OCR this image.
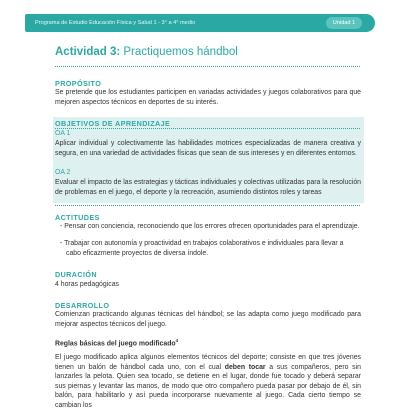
Programa de Estudio Educación Física y Salud 1 - 3° a 4° medio	Unidad 1
Actividad 3: Practiquemos hándbol
PROPÓSITO
Se pretende que los estudiantes participen en variadas actividades y juegos colaborativos para que mejoren aspectos técnicos en deportes de su interés.
OBJETIVOS DE APRENDIZAJE
OA 1
Aplicar individual y colectivamente las habilidades motrices especializadas de manera creativa y segura, en una variedad de actividades físicas que sean de sus intereses y en diferentes entornos.
OA 2
Evaluar el impacto de las estrategias y tácticas individuales y colectivas utilizadas para la resolución de problemas en el juego, el deporte y la recreación, asumiendo distintos roles y tareas
ACTITUDES
- Pensar con conciencia, reconociendo que los errores ofrecen oportunidades para el aprendizaje.
- Trabajar con autonomía y proactividad en trabajos colaborativos e individuales para llevar a cabo eficazmente proyectos de diversa índole.
DURACIÓN
4 horas pedagógicas
DESARROLLO
Comienzan practicando algunas técnicas del hándbol; se las adapta como juego modificado para mejorar aspectos técnicos del juego.
Reglas básicas del juego modificado$^4$
El juego modificado aplica algunos elementos técnicos del deporte; consiste en que tres jóvenes tienen un balón de hándbol cada uno, con el cual deben tocar a sus compañeros, pero sin lanzarles la pelota. Quien sea tocado, se detiene en el lugar, donde fue tocado y deberá separar sus piernas y levantar las manos, de modo que otro compañero pueda pasar por debajo de él, sin balón, para habilitarlo y así pueda incorporarse nuevamente al juego. Cada cierto tiempo se cambian los
